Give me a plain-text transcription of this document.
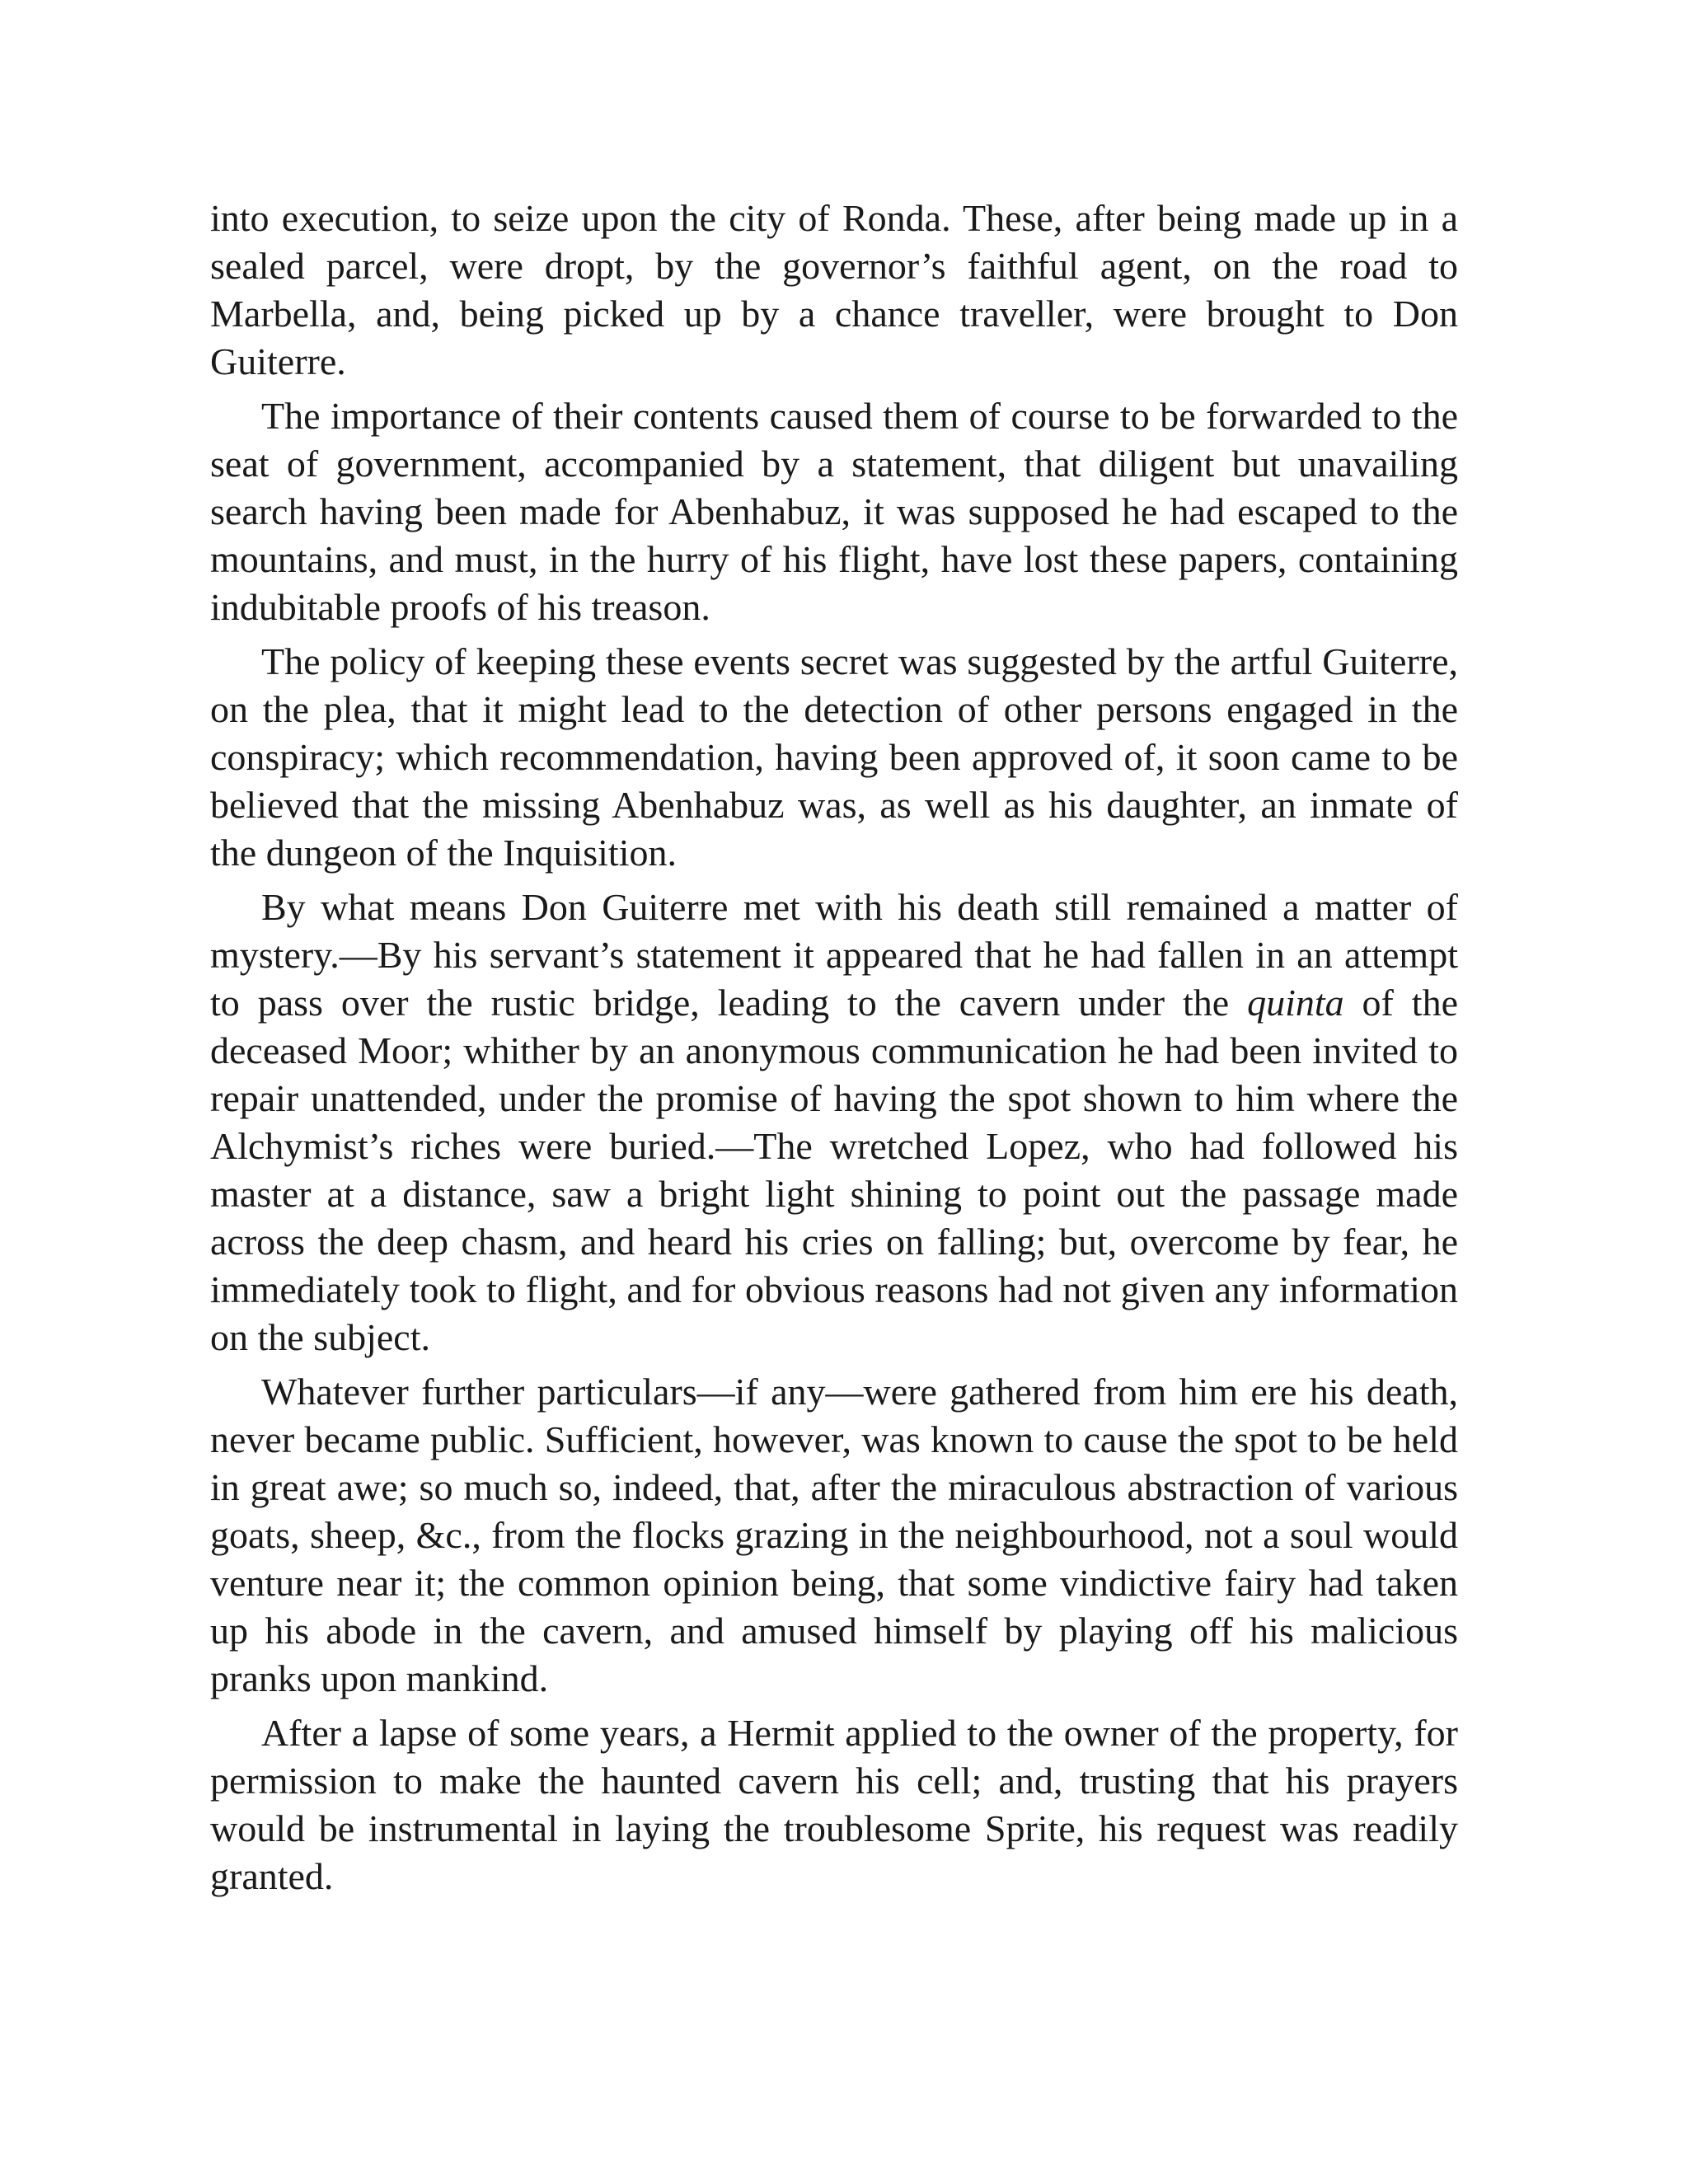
into execution, to seize upon the city of Ronda. These, after being made up in a sealed parcel, were dropt, by the governor’s faithful agent, on the road to Marbella, and, being picked up by a chance traveller, were brought to Don Guiterre.

The importance of their contents caused them of course to be forwarded to the seat of government, accompanied by a statement, that diligent but unavailing search having been made for Abenhabuz, it was supposed he had escaped to the mountains, and must, in the hurry of his flight, have lost these papers, containing indubitable proofs of his treason.

The policy of keeping these events secret was suggested by the artful Guiterre, on the plea, that it might lead to the detection of other persons engaged in the conspiracy; which recommendation, having been approved of, it soon came to be believed that the missing Abenhabuz was, as well as his daughter, an inmate of the dungeon of the Inquisition.

By what means Don Guiterre met with his death still remained a matter of mystery.—By his servant’s statement it appeared that he had fallen in an attempt to pass over the rustic bridge, leading to the cavern under the quinta of the deceased Moor; whither by an anonymous communication he had been invited to repair unattended, under the promise of having the spot shown to him where the Alchymist’s riches were buried.—The wretched Lopez, who had followed his master at a distance, saw a bright light shining to point out the passage made across the deep chasm, and heard his cries on falling; but, overcome by fear, he immediately took to flight, and for obvious reasons had not given any information on the subject.

Whatever further particulars—if any—were gathered from him ere his death, never became public. Sufficient, however, was known to cause the spot to be held in great awe; so much so, indeed, that, after the miraculous abstraction of various goats, sheep, &c., from the flocks grazing in the neighbourhood, not a soul would venture near it; the common opinion being, that some vindictive fairy had taken up his abode in the cavern, and amused himself by playing off his malicious pranks upon mankind.

After a lapse of some years, a Hermit applied to the owner of the property, for permission to make the haunted cavern his cell; and, trusting that his prayers would be instrumental in laying the troublesome Sprite, his request was readily granted.
